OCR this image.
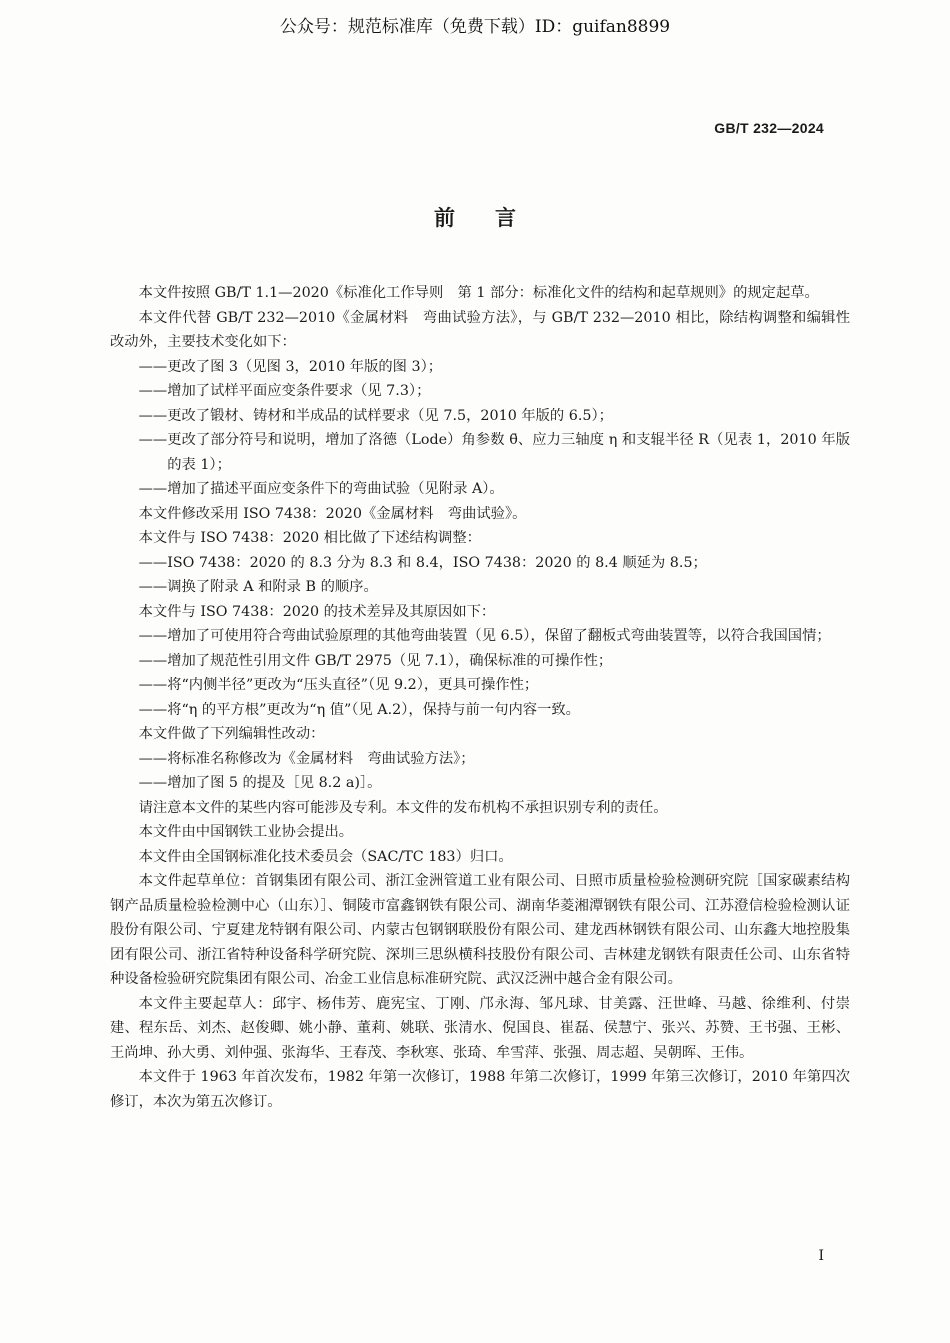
公众号：规范标准库（免费下载）ID：guifan8899
GB/T 232—2024
前言

本文件按照 GB/T 1.1—2020《标准化工作导则　第 1 部分：标准化文件的结构和起草规则》的规定起草。

本文件代替 GB/T 232—2010《金属材料　弯曲试验方法》，与 GB/T 232—2010 相比，除结构调整和编辑性改动外，主要技术变化如下：

——更改了图 3（见图 3，2010 年版的图 3）；

——增加了试样平面应变条件要求（见 7.3）；

——更改了锻材、铸材和半成品的试样要求（见 7.5，2010 年版的 6.5）；

——更改了部分符号和说明，增加了洛德（Lode）角参数 θ̄、应力三轴度 η 和支辊半径 R（见表 1，2010 年版的表 1）；

——增加了描述平面应变条件下的弯曲试验（见附录 A）。

本文件修改采用 ISO 7438：2020《金属材料　弯曲试验》。

本文件与 ISO 7438：2020 相比做了下述结构调整：

——ISO 7438：2020 的 8.3 分为 8.3 和 8.4，ISO 7438：2020 的 8.4 顺延为 8.5；

——调换了附录 A 和附录 B 的顺序。

本文件与 ISO 7438：2020 的技术差异及其原因如下：

——增加了可使用符合弯曲试验原理的其他弯曲装置（见 6.5），保留了翻板式弯曲装置等，以符合我国国情；

——增加了规范性引用文件 GB/T 2975（见 7.1），确保标准的可操作性；

——将“内侧半径”更改为“压头直径”（见 9.2），更具可操作性；

——将“η 的平方根”更改为“η 值”（见 A.2），保持与前一句内容一致。

本文件做了下列编辑性改动：

——将标准名称修改为《金属材料　弯曲试验方法》；

——增加了图 5 的提及［见 8.2 a)］。

请注意本文件的某些内容可能涉及专利。本文件的发布机构不承担识别专利的责任。

本文件由中国钢铁工业协会提出。

本文件由全国钢标准化技术委员会（SAC/TC 183）归口。

本文件起草单位：首钢集团有限公司、浙江金洲管道工业有限公司、日照市质量检验检测研究院［国家碳素结构钢产品质量检验检测中心（山东）］、铜陵市富鑫钢铁有限公司、湖南华菱湘潭钢铁有限公司、江苏澄信检验检测认证股份有限公司、宁夏建龙特钢有限公司、内蒙古包钢钢联股份有限公司、建龙西林钢铁有限公司、山东鑫大地控股集团有限公司、浙江省特种设备科学研究院、深圳三思纵横科技股份有限公司、吉林建龙钢铁有限责任公司、山东省特种设备检验研究院集团有限公司、冶金工业信息标准研究院、武汉泛洲中越合金有限公司。

本文件主要起草人：邱宇、杨伟芳、鹿宪宝、丁刚、邝永海、邹凡球、甘美露、汪世峰、马越、徐维利、付崇建、程东岳、刘杰、赵俊卿、姚小静、董莉、姚联、张清水、倪国良、崔磊、侯慧宁、张兴、苏赞、王书强、王彬、王尚坤、孙大勇、刘仲强、张海华、王春茂、李秋寒、张琦、牟雪萍、张强、周志超、吴朝晖、王伟。

本文件于 1963 年首次发布，1982 年第一次修订，1988 年第二次修订，1999 年第三次修订，2010 年第四次修订，本次为第五次修订。

I
